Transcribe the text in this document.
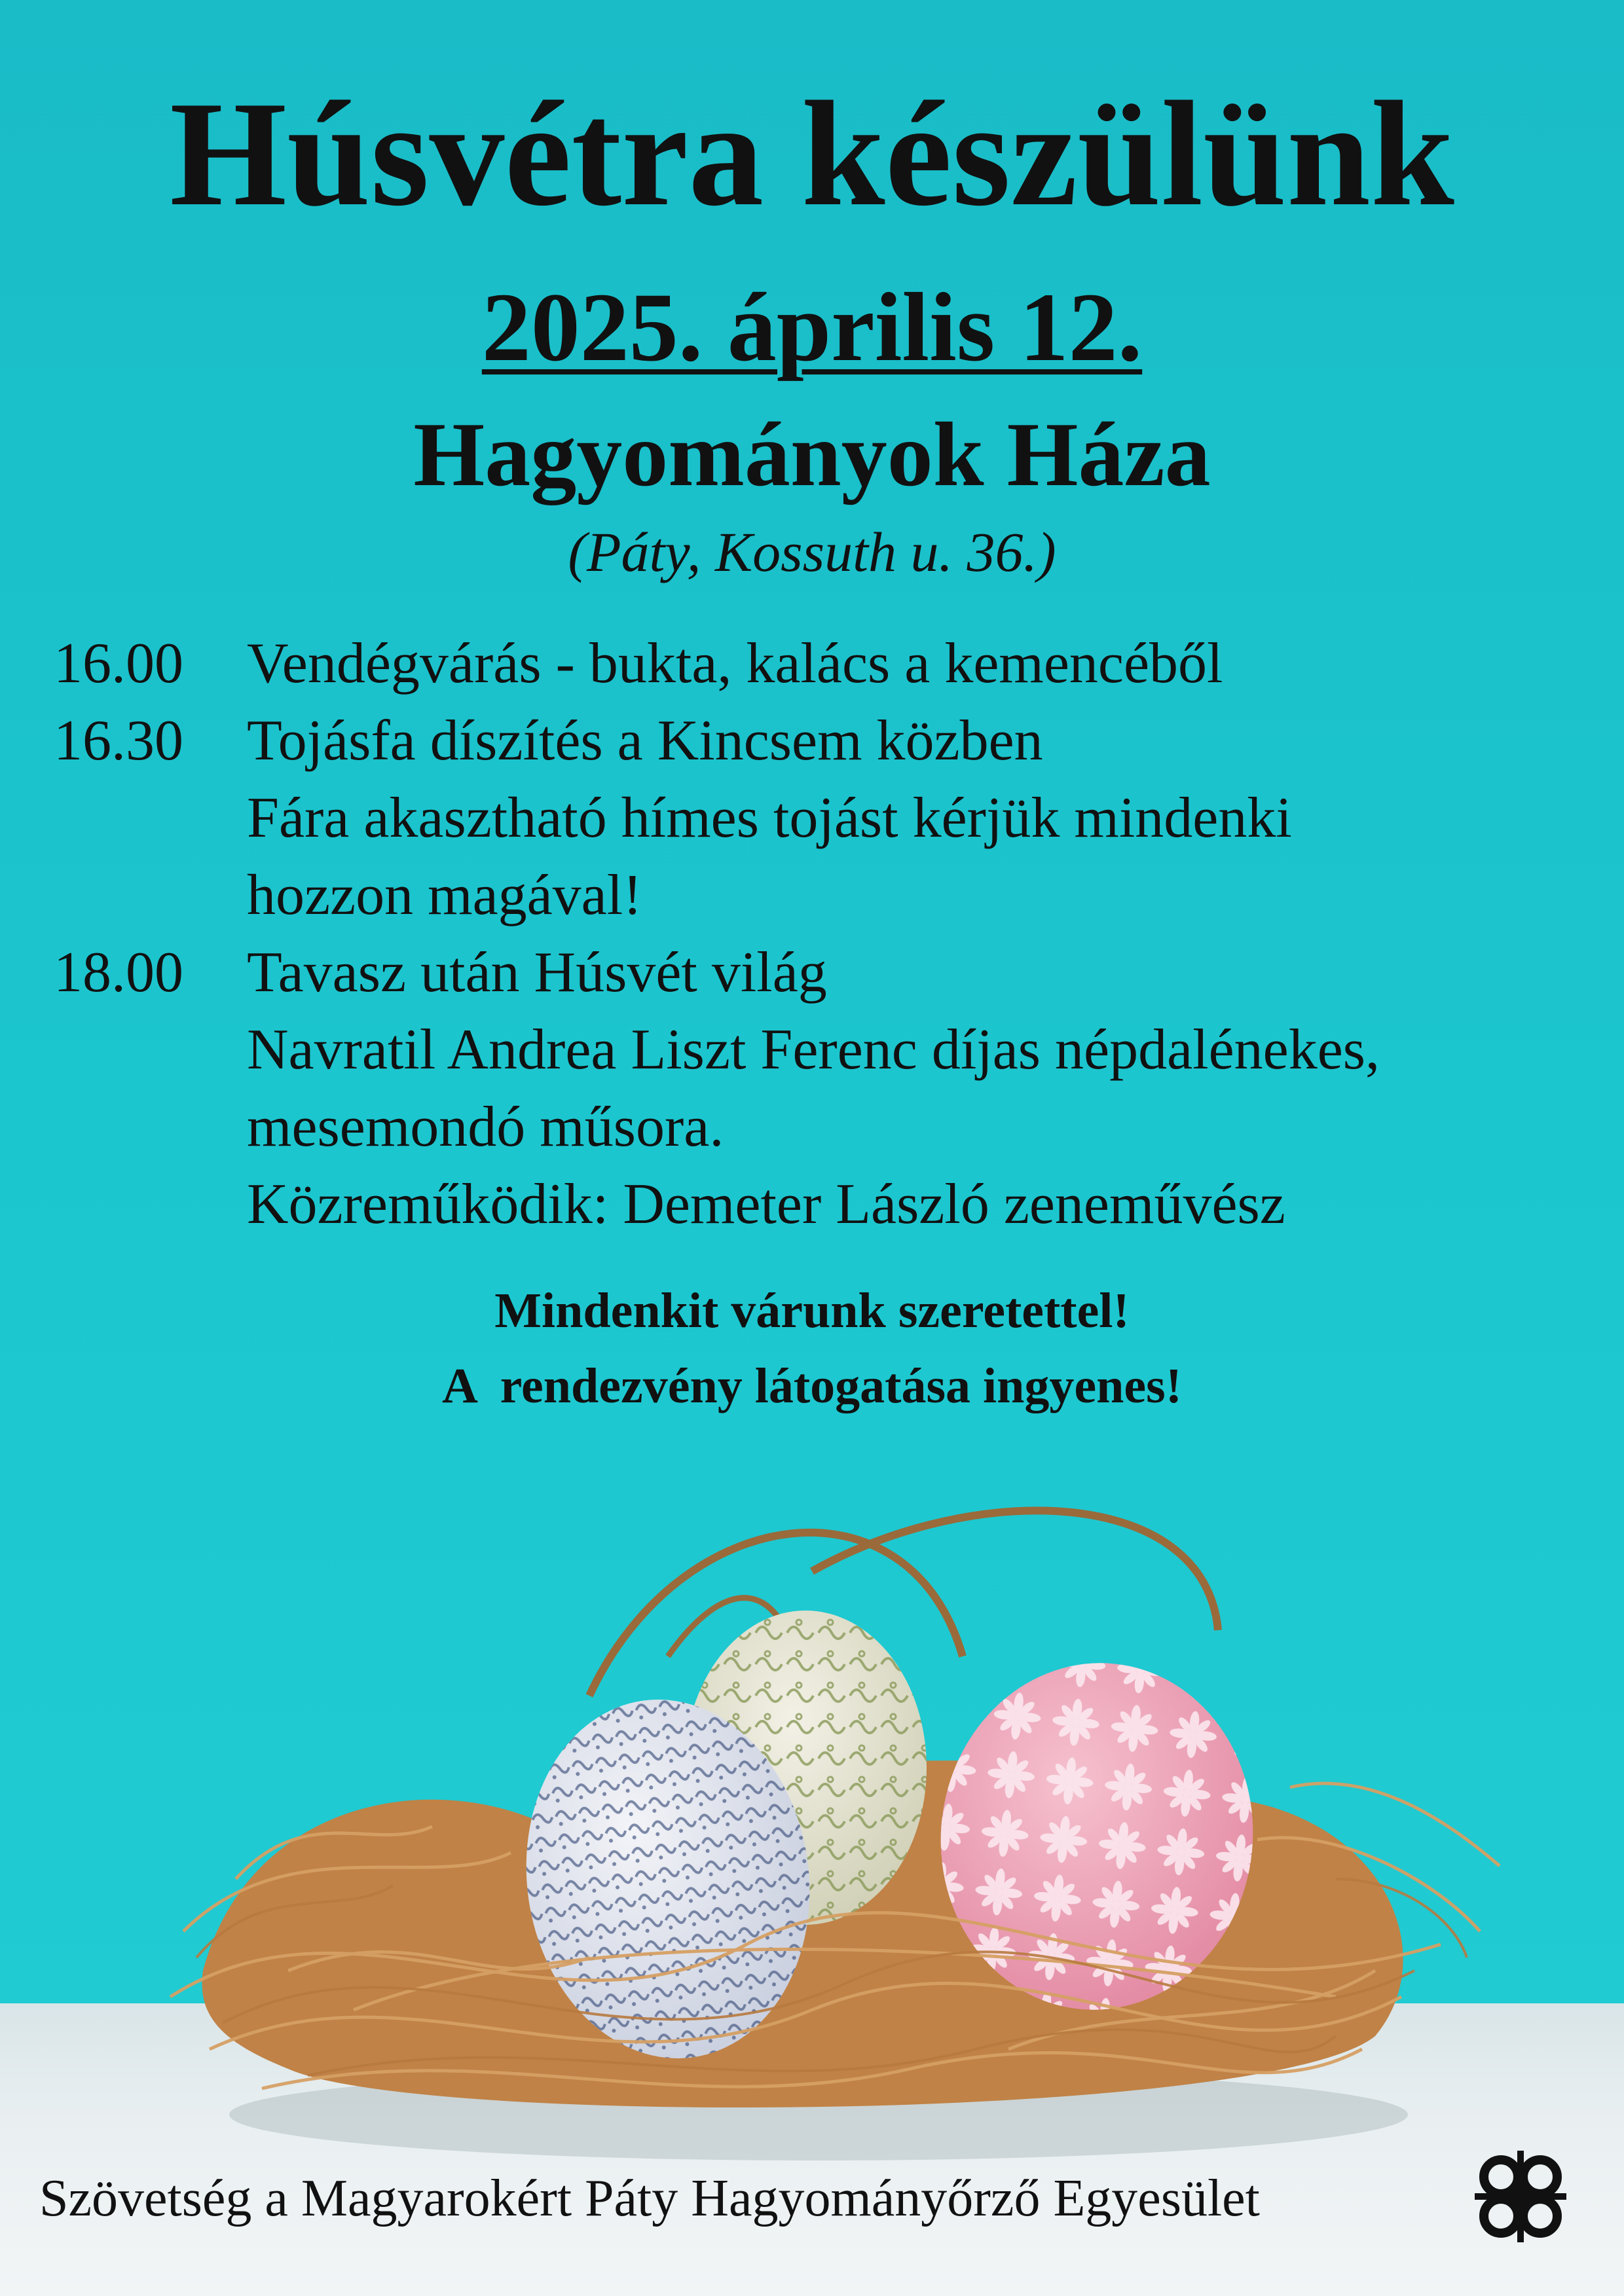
Húsvétra készülünk
2025. április 12.
Hagyományok Háza
(Páty, Kossuth u. 36.)
16.00	Vendégvárás - bukta, kalács a kemencéből
16.30	Tojásfa díszítés a Kincsem közben
Fára akasztható hímes tojást kérjük mindenki
hozzon magával!
18.00	Tavasz után Húsvét világ
Navratil Andrea Liszt Ferenc díjas népdalénekes,
mesemondó műsora.
Közreműködik: Demeter László zeneművész
Mindenkit várunk szeretettel!
A  rendezvény látogatása ingyenes!
Szövetség a Magyarokért Páty Hagyományőrző Egyesület
